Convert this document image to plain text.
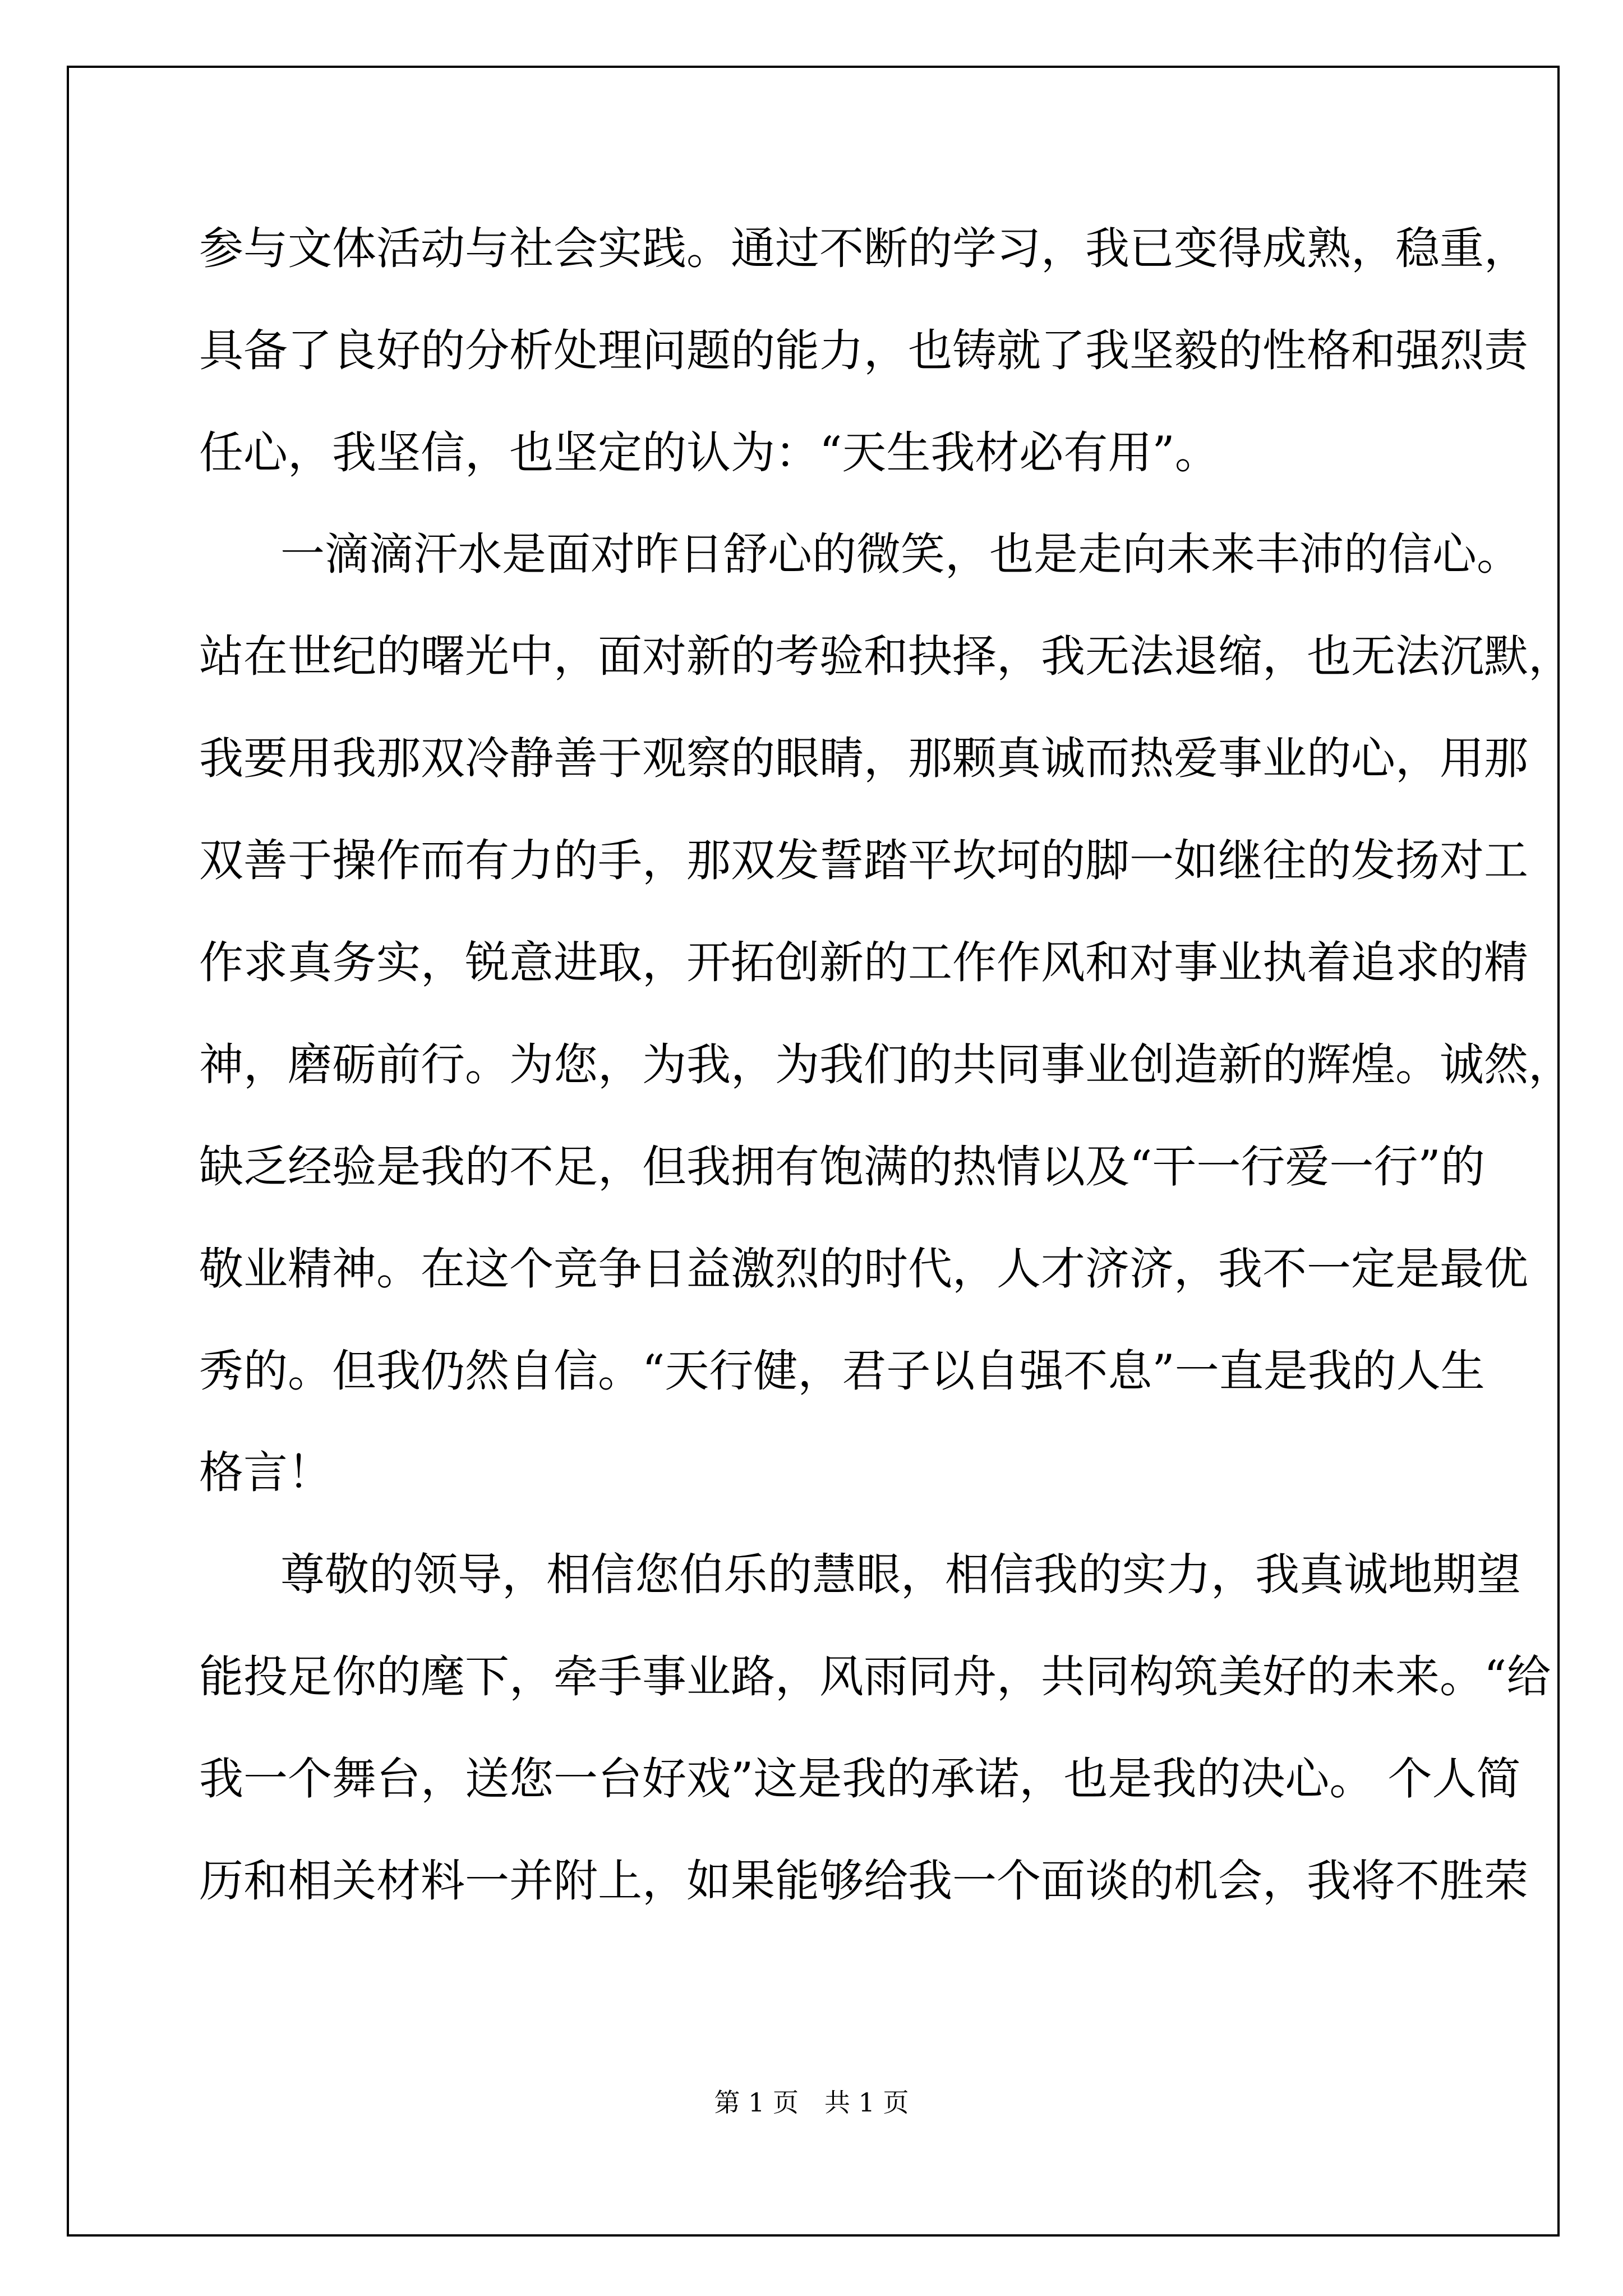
参与文体活动与社会实践。通过不断的学习，我已变得成熟，稳重，
具备了良好的分析处理问题的能力，也铸就了我坚毅的性格和强烈责
任心，我坚信，也坚定的认为：“天生我材必有用”。
一滴滴汗水是面对昨日舒心的微笑，也是走向未来丰沛的信心。
站在世纪的曙光中，面对新的考验和抉择，我无法退缩，也无法沉默，
我要用我那双冷静善于观察的眼睛，那颗真诚而热爱事业的心，用那
双善于操作而有力的手，那双发誓踏平坎坷的脚一如继往的发扬对工
作求真务实，锐意进取，开拓创新的工作作风和对事业执着追求的精
神，磨砺前行。为您，为我，为我们的共同事业创造新的辉煌。诚然，
缺乏经验是我的不足，但我拥有饱满的热情以及“干一行爱一行”的
敬业精神。在这个竞争日益激烈的时代，人才济济，我不一定是最优
秀的。但我仍然自信。“天行健，君子以自强不息”一直是我的人生
格言！
尊敬的领导，相信您伯乐的慧眼，相信我的实力，我真诚地期望
能投足你的麾下，牵手事业路，风雨同舟，共同构筑美好的未来。“给
我一个舞台，送您一台好戏”这是我的承诺，也是我的决心。 个人简
历和相关材料一并附上，如果能够给我一个面谈的机会，我将不胜荣
第 1 页　共 1 页
